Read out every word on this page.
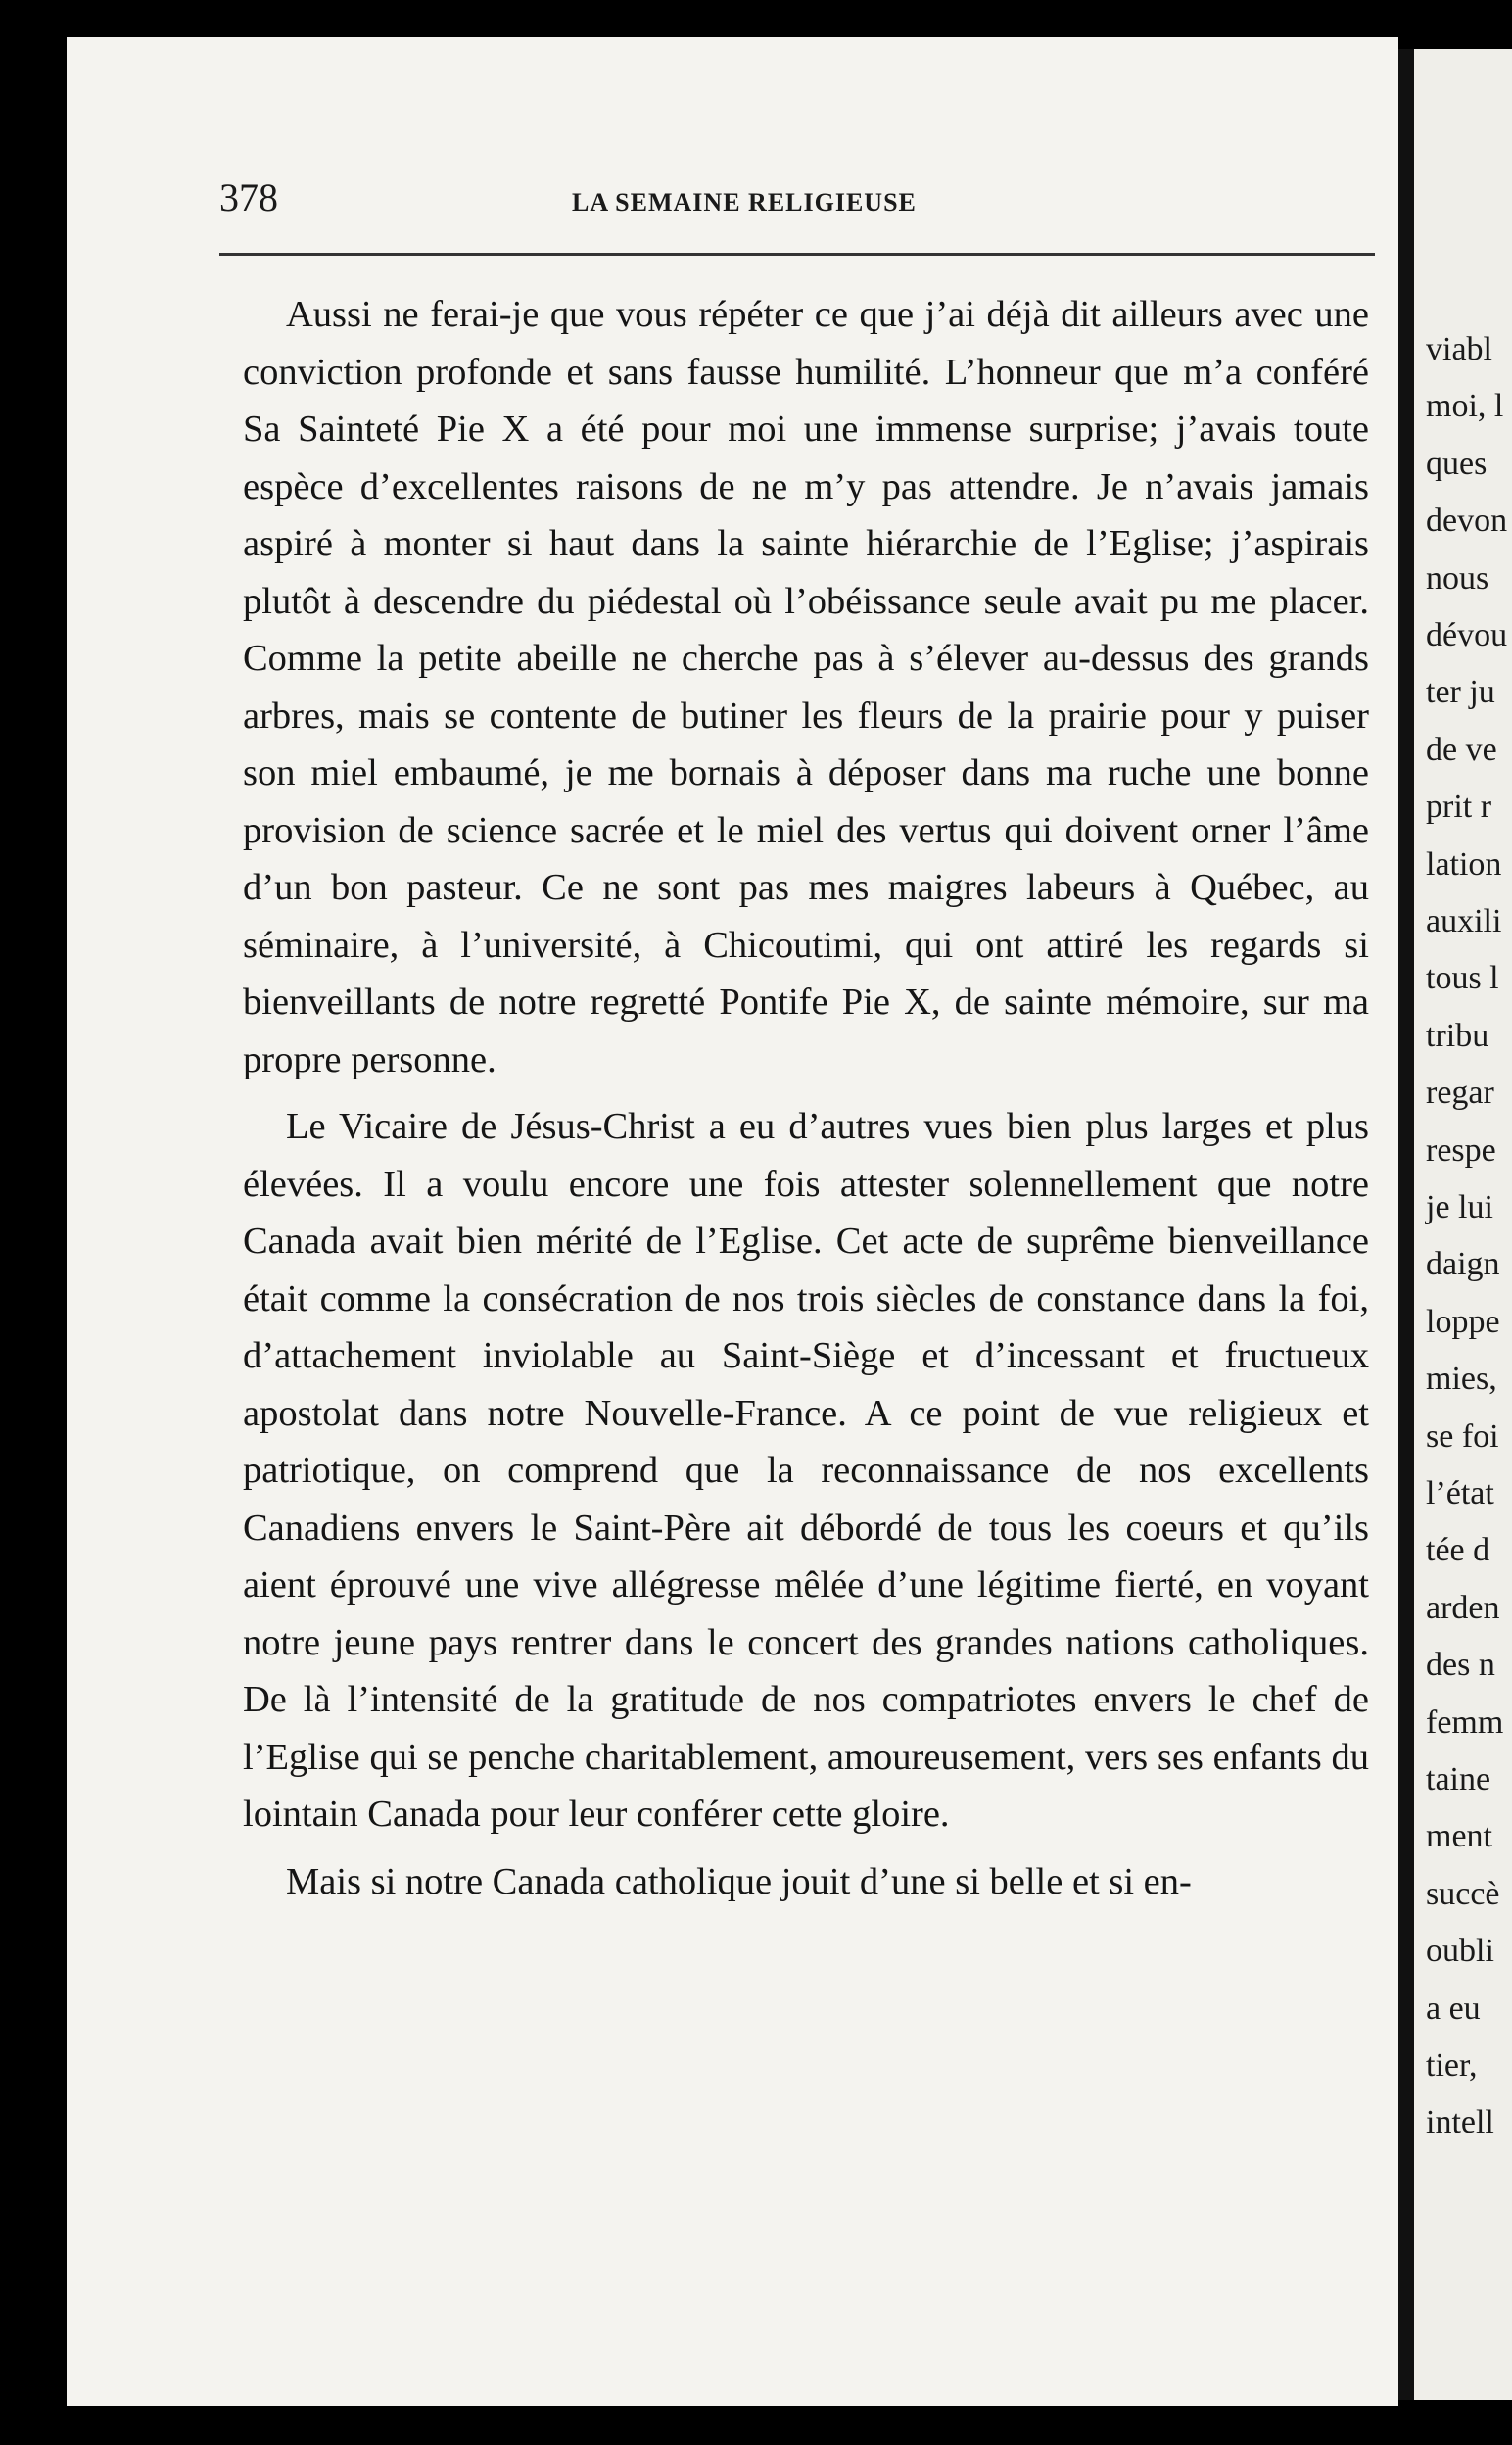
378	LA SEMAINE RELIGIEUSE

Aussi ne ferai-je que vous répéter ce que j’ai déjà dit ailleurs avec une conviction profonde et sans fausse humilité. L’honneur que m’a conféré Sa Sainteté Pie X a été pour moi une immense surprise; j’avais toute espèce d’excellentes raisons de ne m’y pas attendre. Je n’avais jamais aspiré à monter si haut dans la sainte hiérarchie de l’Eglise; j’aspirais plutôt à descendre du piédestal où l’obéissance seule avait pu me placer. Comme la petite abeille ne cherche pas à s’élever au-dessus des grands arbres, mais se contente de butiner les fleurs de la prairie pour y puiser son miel embaumé, je me bornais à déposer dans ma ruche une bonne provision de science sacrée et le miel des vertus qui doivent orner l’âme d’un bon pasteur. Ce ne sont pas mes maigres labeurs à Québec, au séminaire, à l’université, à Chicoutimi, qui ont attiré les regards si bienveillants de notre regretté Pontife Pie X, de sainte mémoire, sur ma propre personne.

Le Vicaire de Jésus-Christ a eu d’autres vues bien plus larges et plus élevées. Il a voulu encore une fois attester solennellement que notre Canada avait bien mérité de l’Eglise. Cet acte de suprême bienveillance était comme la consécration de nos trois siècles de constance dans la foi, d’attachement inviolable au Saint-Siège et d’incessant et fructueux apostolat dans notre Nouvelle-France. A ce point de vue religieux et patriotique, on comprend que la reconnaissance de nos excellents Canadiens envers le Saint-Père ait débordé de tous les coeurs et qu’ils aient éprouvé une vive allégresse mêlée d’une légitime fierté, en voyant notre jeune pays rentrer dans le concert des grandes nations catholiques. De là l’intensité de la gratitude de nos compatriotes envers le chef de l’Eglise qui se penche charitablement, amoureusement, vers ses enfants du lointain Canada pour leur conférer cette gloire.

Mais si notre Canada catholique jouit d’une si belle et si en-

viabl
moi, l
ques
devon
nous
dévou
ter ju
de ve
prit r
lation
auxili
tous l
tribu
regar
respe
je lui
daign
loppe
mies,
se foi
l’état
tée d
arden
des n
femm
taine
ment
succè
oubli
a eu
tier,
intell
